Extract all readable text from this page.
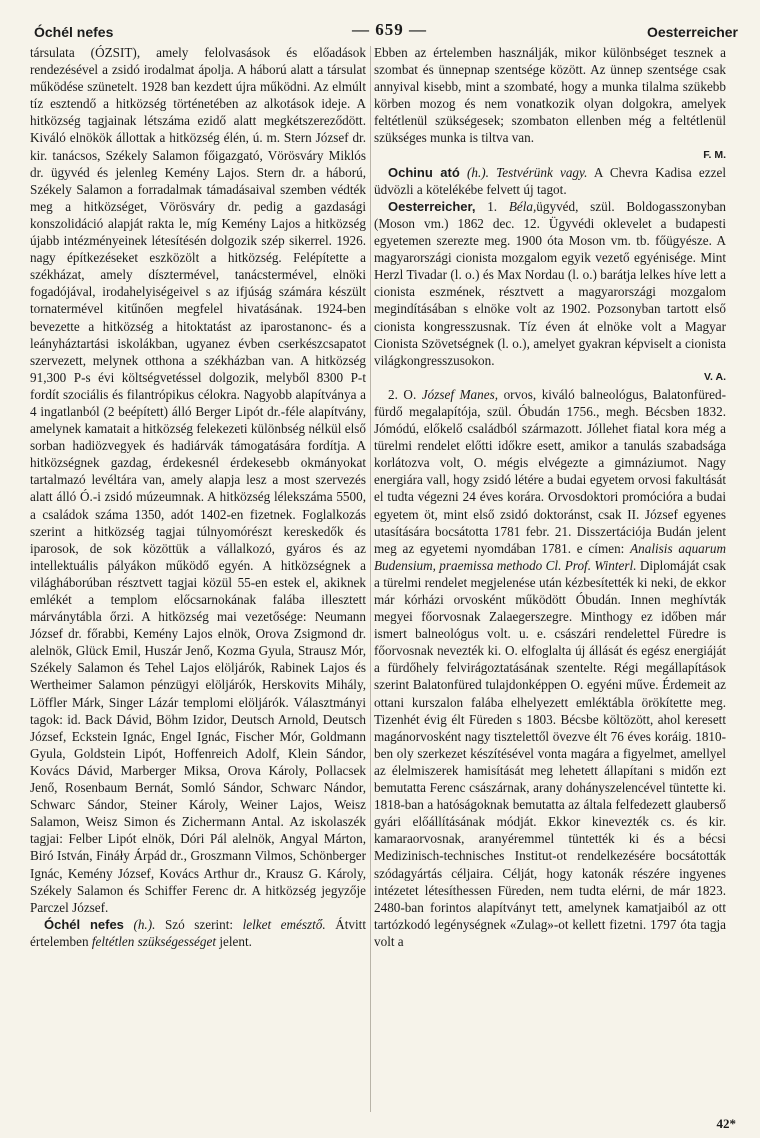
Óchél nefes	— 659 —	Oesterreicher

társulata (ÓZSIT), amely felolvasások és előadások rendezésével a zsidó irodalmat ápolja. A háború alatt a társulat működése szünetelt. 1928 ban kezdett újra működni. Az elmúlt tíz esztendő a hitközség történetében az alkotások ideje. A hitközség tagjainak létszáma ezidő alatt megkétszereződött. Kiváló elnökök állottak a hitközség élén, ú. m. Stern József dr. kir. tanácsos, Székely Salamon főigazgató, Vörösváry Miklós dr. ügyvéd és jelenleg Kemény Lajos. Stern dr. a háború, Székely Salamon a forradalmak támadásaival szemben védték meg a hitközséget, Vörösváry dr. pedig a gazdasági konszolidáció alapját rakta le, míg Kemény Lajos a hitközség újabb intézményeinek létesítésén dolgozik szép sikerrel. 1926. nagy építkezéseket eszközölt a hitközség. Felépítette a székházat, amely dísztermével, tanácstermével, elnöki fogadójával, irodahelyiségeivel s az ifjúság számára készült tornatermével kitűnően megfelel hivatásának. 1924-ben bevezette a hitközség a hitoktatást az iparostanonc- és a leányháztartási iskolákban, ugyanez évben cserkészcsapatot szervezett, melynek otthona a székházban van. A hitközség 91,300 P-s évi költségvetéssel dolgozik, melyből 8300 P-t fordít szociális és filantrópikus célokra. Nagyobb alapítványa a 4 ingatlanból (2 beépített) álló Berger Lipót dr.-féle alapítvány, amelynek kamatait a hitközség felekezeti különbség nélkül első sorban hadiözvegyek és hadiárvák támogatására fordítja. A hitközségnek gazdag, érdekesnél érdekesebb okmányokat tartalmazó levéltára van, amely alapja lesz a most szervezés alatt álló Ó.-i zsidó múzeumnak. A hitközség lélekszáma 5500, a családok száma 1350, adót 1402-en fizetnek. Foglalkozás szerint a hitközség tagjai túlnyomórészt kereskedők és iparosok, de sok közöttük a vállalkozó, gyáros és az intellektuális pályákon működő egyén. A hitközségnek a világháborúban résztvett tagjai közül 55-en estek el, akiknek emlékét a templom előcsarnokának falába illesztett márványtábla őrzi. A hitközség mai vezetősége: Neumann József dr. főrabbi, Kemény Lajos elnök, Orova Zsigmond dr. alelnök, Glück Emil, Huszár Jenő, Kozma Gyula, Strausz Mór, Székely Salamon és Tehel Lajos elöljárók, Rabinek Lajos és Wertheimer Salamon pénzügyi elöljárók, Herskovits Mihály, Löffler Márk, Singer Lázár templomi elöljárók. Választmányi tagok: id. Back Dávid, Böhm Izidor, Deutsch Arnold, Deutsch József, Eckstein Ignác, Engel Ignác, Fischer Mór, Goldmann Gyula, Goldstein Lipót, Hoffenreich Adolf, Klein Sándor, Kovács Dávid, Marberger Miksa, Orova Károly, Pollacsek Jenő, Rosenbaum Bernát, Somló Sándor, Schwarc Nándor, Schwarc Sándor, Steiner Károly, Weiner Lajos, Weisz Salamon, Weisz Simon és Zichermann Antal. Az iskolaszék tagjai: Felber Lipót elnök, Dóri Pál alelnök, Angyal Márton, Biró István, Fináły Árpád dr., Groszmann Vilmos, Schönberger Ignác, Kemény József, Kovács Arthur dr., Krausz G. Károly, Székely Salamon és Schiffer Ferenc dr. A hitközség jegyzője Parczel József.

Óchél nefes (h.). Szó szerint: lelket emésztő. Átvitt értelemben feltétlen szükségességet jelent.

Ebben az értelemben használják, mikor különbséget tesznek a szombat és ünnepnap szentsége között. Az ünnep szentsége csak annyival kisebb, mint a szombaté, hogy a munka tilalma szükebb körben mozog és nem vonatkozik olyan dolgokra, amelyek feltétlenül szükségesek; szombaton ellenben még a feltétlenül szükséges munka is tiltva van.

F. M.

Ochinu ató (h.). Testvérünk vagy. A Chevra Kadisa ezzel üdvözli a kötelékébe felvett új tagot.

Oesterreicher, 1. Béla,ügyvéd, szül. Boldogasszonyban (Moson vm.) 1862 dec. 12. Ügyvédi oklevelet a budapesti egyetemen szerezte meg. 1900 óta Moson vm. tb. főügyésze. A magyarországi cionista mozgalom egyik vezető egyénisége. Mint Herzl Tivadar (l. o.) és Max Nordau (l. o.) barátja lelkes híve lett a cionista eszmének, résztvett a magyarországi mozgalom megindításában s elnöke volt az 1902. Pozsonyban tartott első cionista kongresszusnak. Tíz éven át elnöke volt a Magyar Cionista Szövetségnek (l. o.), amelyet gyakran képviselt a cionista világkongresszusokon.

V. A.

2. O. József Manes, orvos, kiváló balneológus, Balatonfüred-fürdő megalapítója, szül. Óbudán 1756., megh. Bécsben 1832. Jómódú, előkelő családból származott. Jóllehet fiatal kora még a türelmi rendelet előtti időkre esett, amikor a tanulás szabadsága korlátozva volt, O. mégis elvégezte a gimnáziumot. Nagy energiára vall, hogy zsidó létére a budai egyetem orvosi fakultását el tudta végezni 24 éves korára. Orvosdoktori promócióra a budai egyetem öt, mint első zsidó doktoránst, csak II. József egyenes utasítására bocsátotta 1781 febr. 21. Disszertációja Budán jelent meg az egyetemi nyomdában 1781. e címen: Analisis aquarum Budensium, praemissa methodo Cl. Prof. Winterl. Diplomáját csak a türelmi rendelet megjelenése után kézbesítették ki neki, de ekkor már kórházi orvosként működött Óbudán. Innen meghívták megyei főorvosnak Zalaegerszegre. Minthogy ez időben már ismert balneológus volt. u. e. császári rendelettel Füredre is főorvosnak nevezték ki. O. elfoglalta új állását és egész energiáját a fürdőhely felvirágoztatásának szentelte. Régi megállapítások szerint Balatonfüred tulajdonképpen O. egyéni műve. Érdemeit az ottani kurszalon falába elhelyezett emléktábla örökítette meg. Tizenhét évig élt Füreden s 1803. Bécsbe költözött, ahol keresett magánorvosként nagy tisztelettől övezve élt 76 éves koráig. 1810-ben oly szerkezet készítésével vonta magára a figyelmet, amellyel az élelmiszerek hamisítását meg lehetett állapítani s midőn ezt bemutatta Ferenc császárnak, arany dohányszelencével tüntette ki. 1818-ban a hatóságoknak bemutatta az általa felfedezett glauberső gyári előállításának módját. Ekkor kinevezték cs. és kir. kamaraorvosnak, aranyéremmel tüntették ki és a bécsi Medizinisch-technisches Institut-ot rendelkezésére bocsátották szódagyártás céljaira. Célját, hogy katonák részére ingyenes intézetet létesíthessen Füreden, nem tudta elérni, de már 1823. 2480-ban forintos alapítványt tett, amelynek kamatjaiból az ott tartózkodó legénységnek «Zulag»-ot kellett fizetni. 1797 óta tagja volt a

42*
